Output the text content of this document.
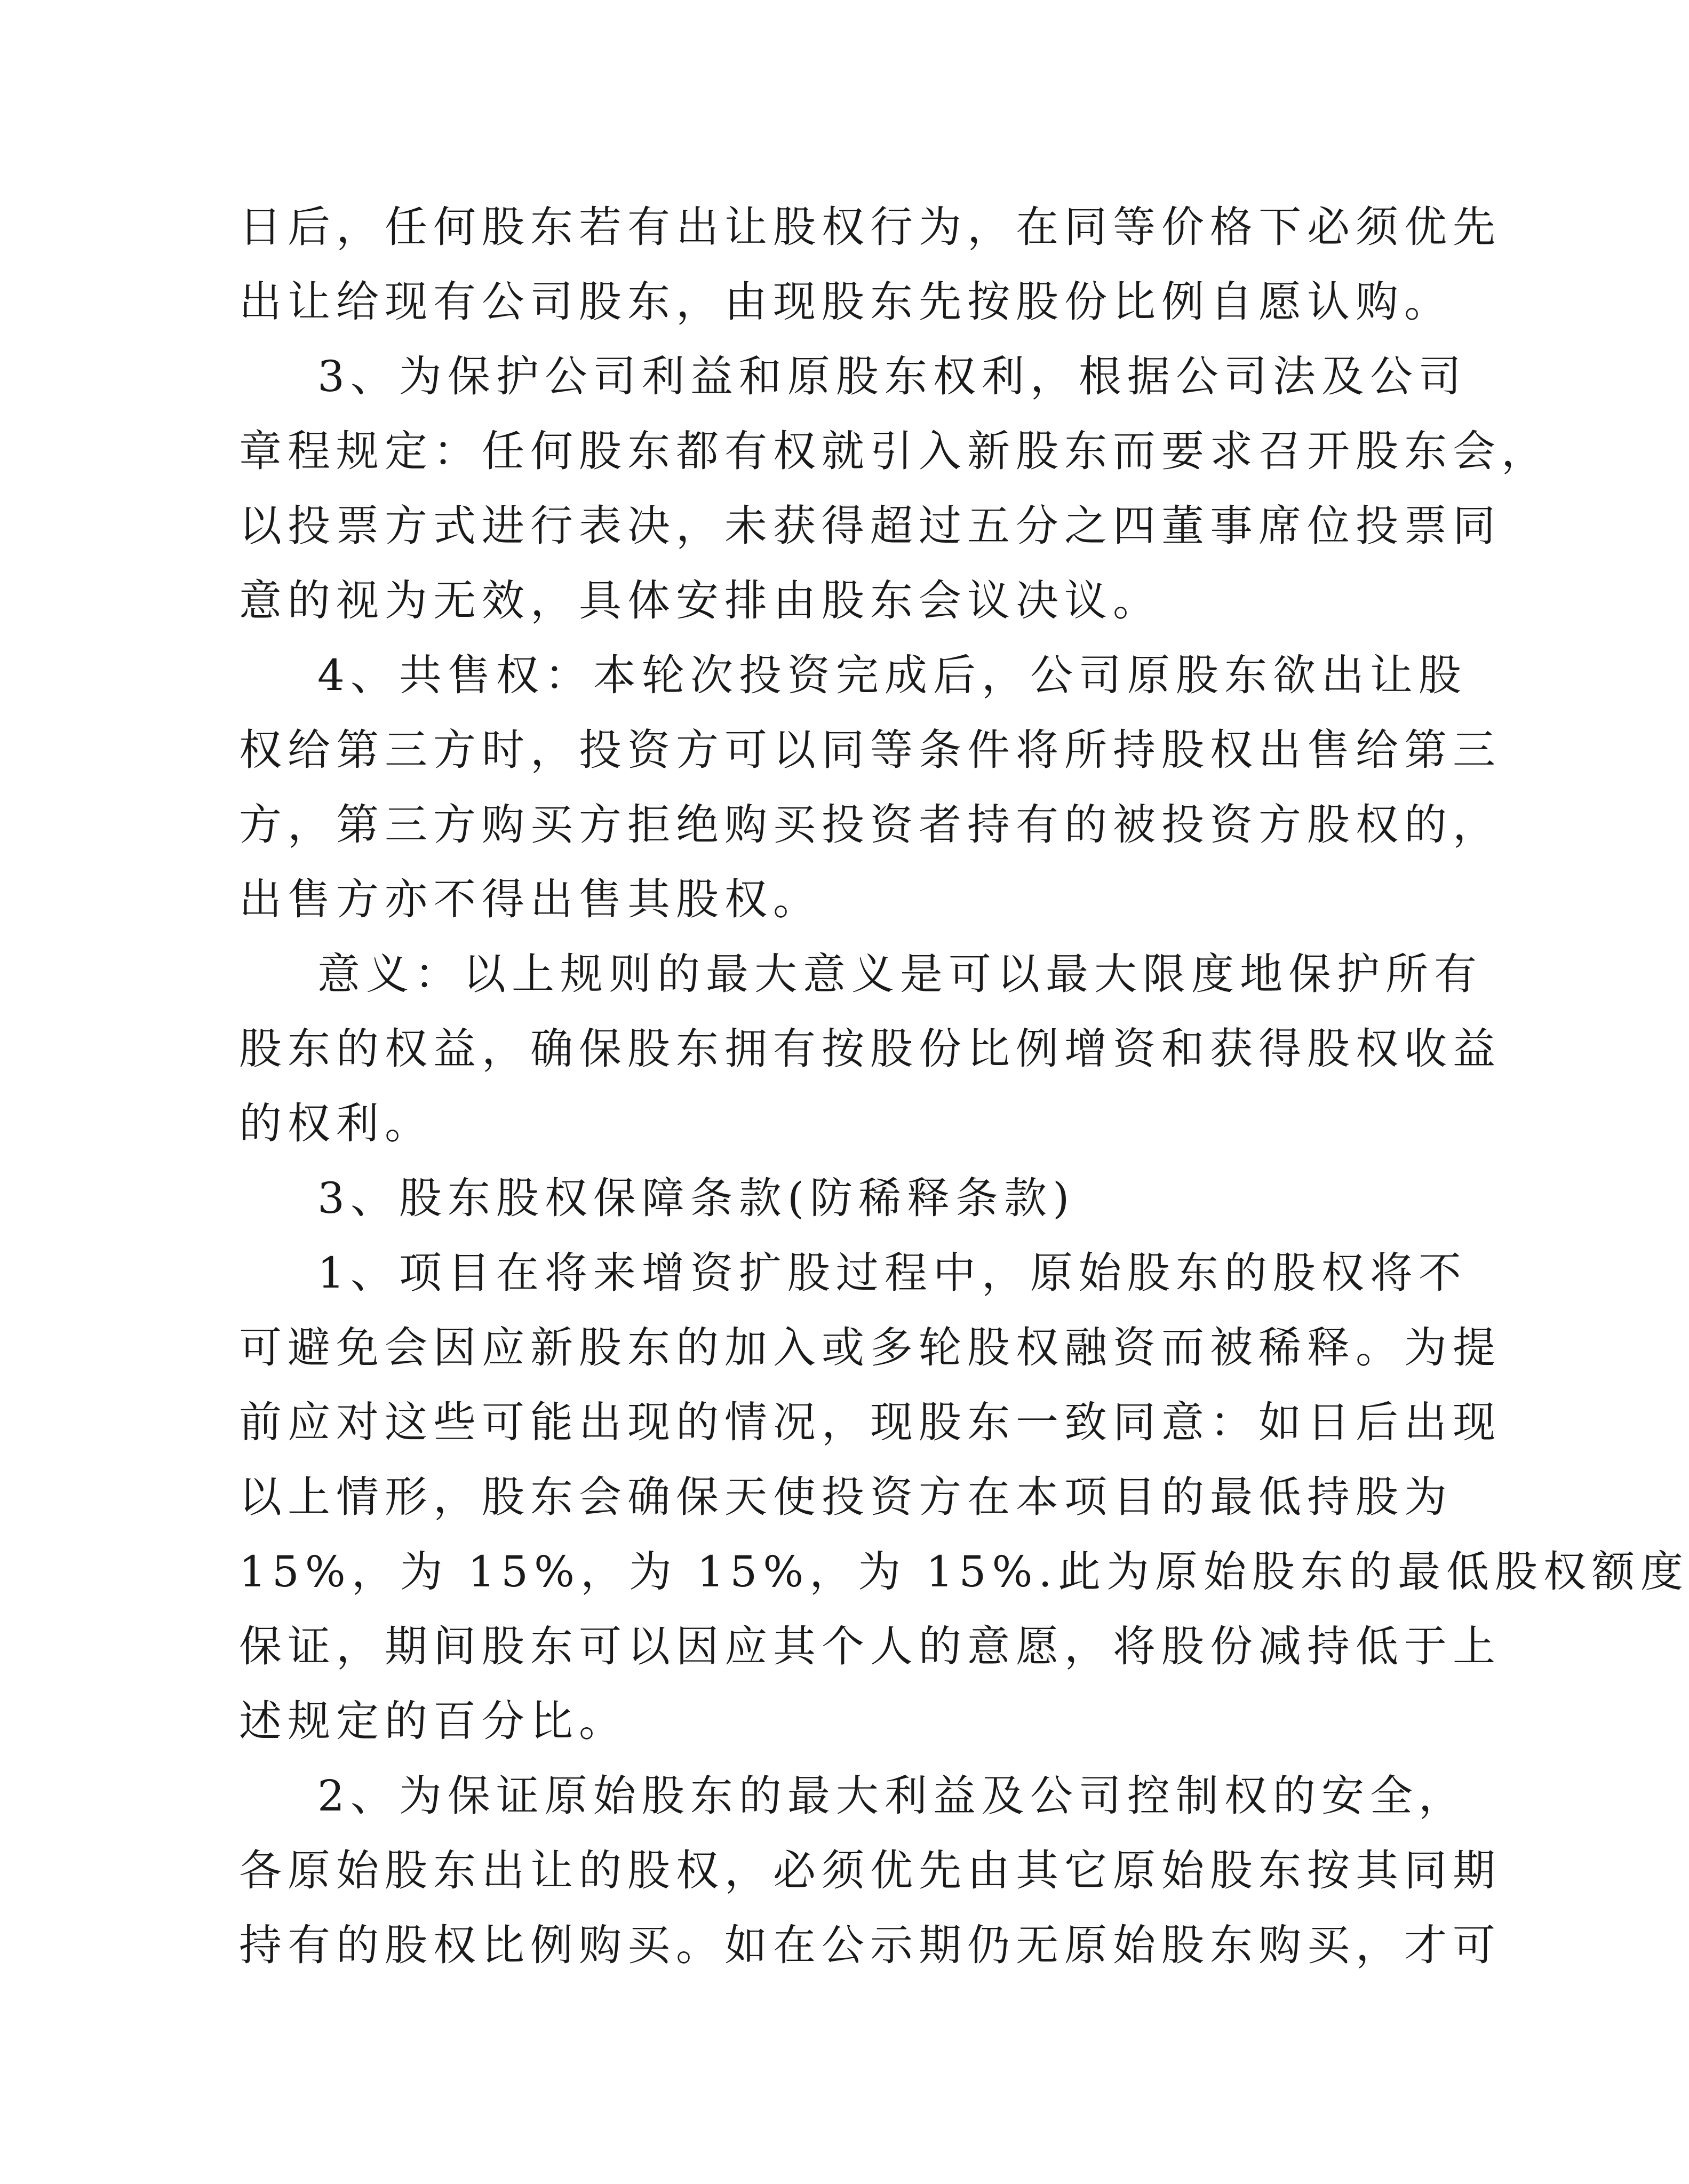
日后，任何股东若有出让股权行为，在同等价格下必须优先

出让给现有公司股东，由现股东先按股份比例自愿认购。

3、为保护公司利益和原股东权利，根据公司法及公司

章程规定：任何股东都有权就引入新股东而要求召开股东会，

以投票方式进行表决，未获得超过五分之四董事席位投票同

意的视为无效，具体安排由股东会议决议。

4、共售权：本轮次投资完成后，公司原股东欲出让股

权给第三方时，投资方可以同等条件将所持股权出售给第三

方，第三方购买方拒绝购买投资者持有的被投资方股权的，

出售方亦不得出售其股权。

意义：以上规则的最大意义是可以最大限度地保护所有

股东的权益，确保股东拥有按股份比例增资和获得股权收益

的权利。

3、股东股权保障条款(防稀释条款)

1、项目在将来增资扩股过程中，原始股东的股权将不

可避免会因应新股东的加入或多轮股权融资而被稀释。为提

前应对这些可能出现的情况，现股东一致同意：如日后出现

以上情形，股东会确保天使投资方在本项目的最低持股为

15%，为 15%，为 15%，为 15%.此为原始股东的最低股权额度

保证，期间股东可以因应其个人的意愿，将股份减持低于上

述规定的百分比。

2、为保证原始股东的最大利益及公司控制权的安全，

各原始股东出让的股权，必须优先由其它原始股东按其同期

持有的股权比例购买。如在公示期仍无原始股东购买，才可
